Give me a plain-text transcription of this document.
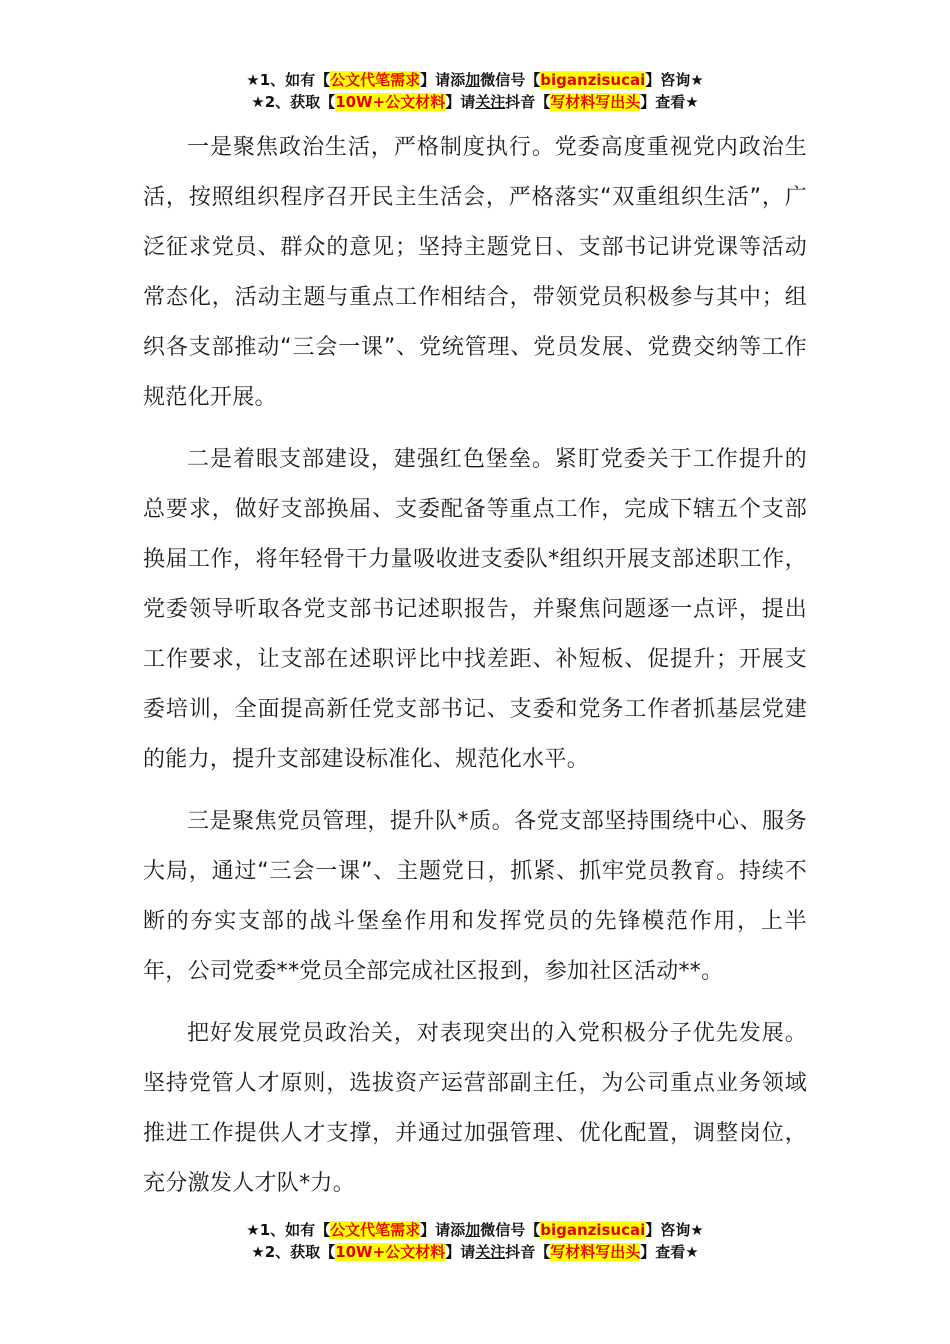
★1、如有【公文代笔需求】请添加微信号【biganzisucai】咨询★
★2、获取【10W+公文材料】请关注抖音【写材料写出头】查看★

一是聚焦政治生活，严格制度执行。党委高度重视党内政治生活，按照组织程序召开民主生活会，严格落实“双重组织生活”，广泛征求党员、群众的意见；坚持主题党日、支部书记讲党课等活动常态化，活动主题与重点工作相结合，带领党员积极参与其中；组织各支部推动“三会一课”、党统管理、党员发展、党费交纳等工作规范化开展。

二是着眼支部建设，建强红色堡垒。紧盯党委关于工作提升的总要求，做好支部换届、支委配备等重点工作，完成下辖五个支部换届工作，将年轻骨干力量吸收进支委队*组织开展支部述职工作，党委领导听取各党支部书记述职报告，并聚焦问题逐一点评，提出工作要求，让支部在述职评比中找差距、补短板、促提升；开展支委培训，全面提高新任党支部书记、支委和党务工作者抓基层党建的能力，提升支部建设标准化、规范化水平。

三是聚焦党员管理，提升队*质。各党支部坚持围绕中心、服务大局，通过“三会一课”、主题党日，抓紧、抓牢党员教育。持续不断的夯实支部的战斗堡垒作用和发挥党员的先锋模范作用，上半年，公司党委**党员全部完成社区报到，参加社区活动**。

把好发展党员政治关，对表现突出的入党积极分子优先发展。坚持党管人才原则，选拔资产运营部副主任，为公司重点业务领域推进工作提供人才支撑，并通过加强管理、优化配置，调整岗位，充分激发人才队*力。

★1、如有【公文代笔需求】请添加微信号【biganzisucai】咨询★
★2、获取【10W+公文材料】请关注抖音【写材料写出头】查看★
